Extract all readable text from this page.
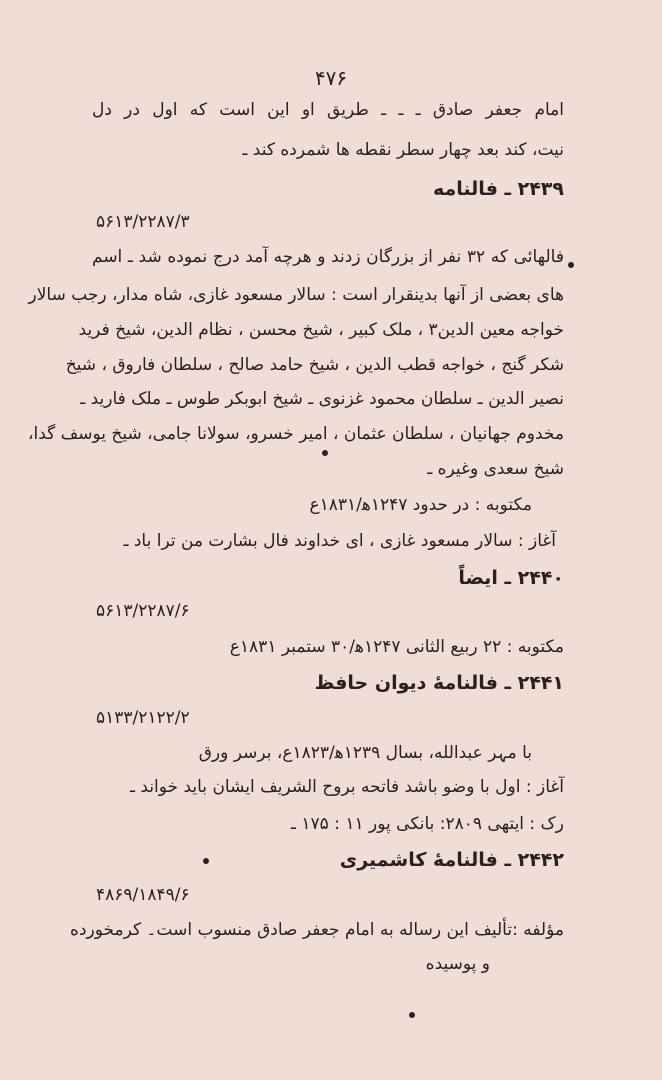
۴۷۶
امام جعفر صادق ـ ـ ـ طریق او این است که اول در دل
نیت، کند بعد چهار سطر نقطه ها شمرده کند ـ
۲۴۳۹ ـ فالنامه
۵۶۱۳/۲۲۸۷/۳
فالهائی که ۳۲ نفر از بزرگان زدند و هرچه آمد درج نموده شد ـ اسم
های بعضی از آنها بدینقرار است : سالار مسعود غازی، شاه مدار، رجب سالار
خواجه معین الدین۳ ، ملک کبیر ، شیخ محسن ، نظام الدین، شیخ فرید
شکر گنج ، خواجه قطب الدین ، شیخ حامد صالح ، سلطان فاروق ، شیخ
نصیر الدین ـ سلطان محمود غزنوی ـ شیخ ابوبکر طوس ـ ملک فارید ـ
مخدوم جهانیان ، سلطان عثمان ، امیر خسرو، سولانا جامی، شیخ یوسف گدا،
شیخ سعدی وغیره ـ
مکتوبه :‌ در حدود ۱۲۴۷ﻫ/۱۸۳۱ع
آغاز : سالار مسعود غازی ، ای خداوند فال بشارت من ترا باد ـ
۲۴۴۰ ـ ایضاً
۵۶۱۳/۲۲۸۷/۶
مکتوبه : ۲۲ ربیع الثانی ۱۲۴۷ﻫ/۳۰ ستمبر ۱۸۳۱ع
۲۴۴۱ ـ فالنامۀ دیوان حافظ
۵۱۳۳/۲۱۲۲/۲
با مہر عبدالله، بسال ۱۲۳۹ﻫ/۱۸۲۳ع، برسر ورق
آغاز : اول با وضو باشد فاتحه بروح الشریف ایشان باید خواند ـ
رک : ایتهی ۲۸۰۹: بانکی پور ۱۱ : ۱۷۵ ـ
۲۴۴۲ ـ فالنامۀ کاشمیری
۴۸۶۹/۱۸۴۹/۶
مؤلفه :تألیف این رساله به امام جعفر صادق منسوب است۔ کرمخورده
و پوسیده
